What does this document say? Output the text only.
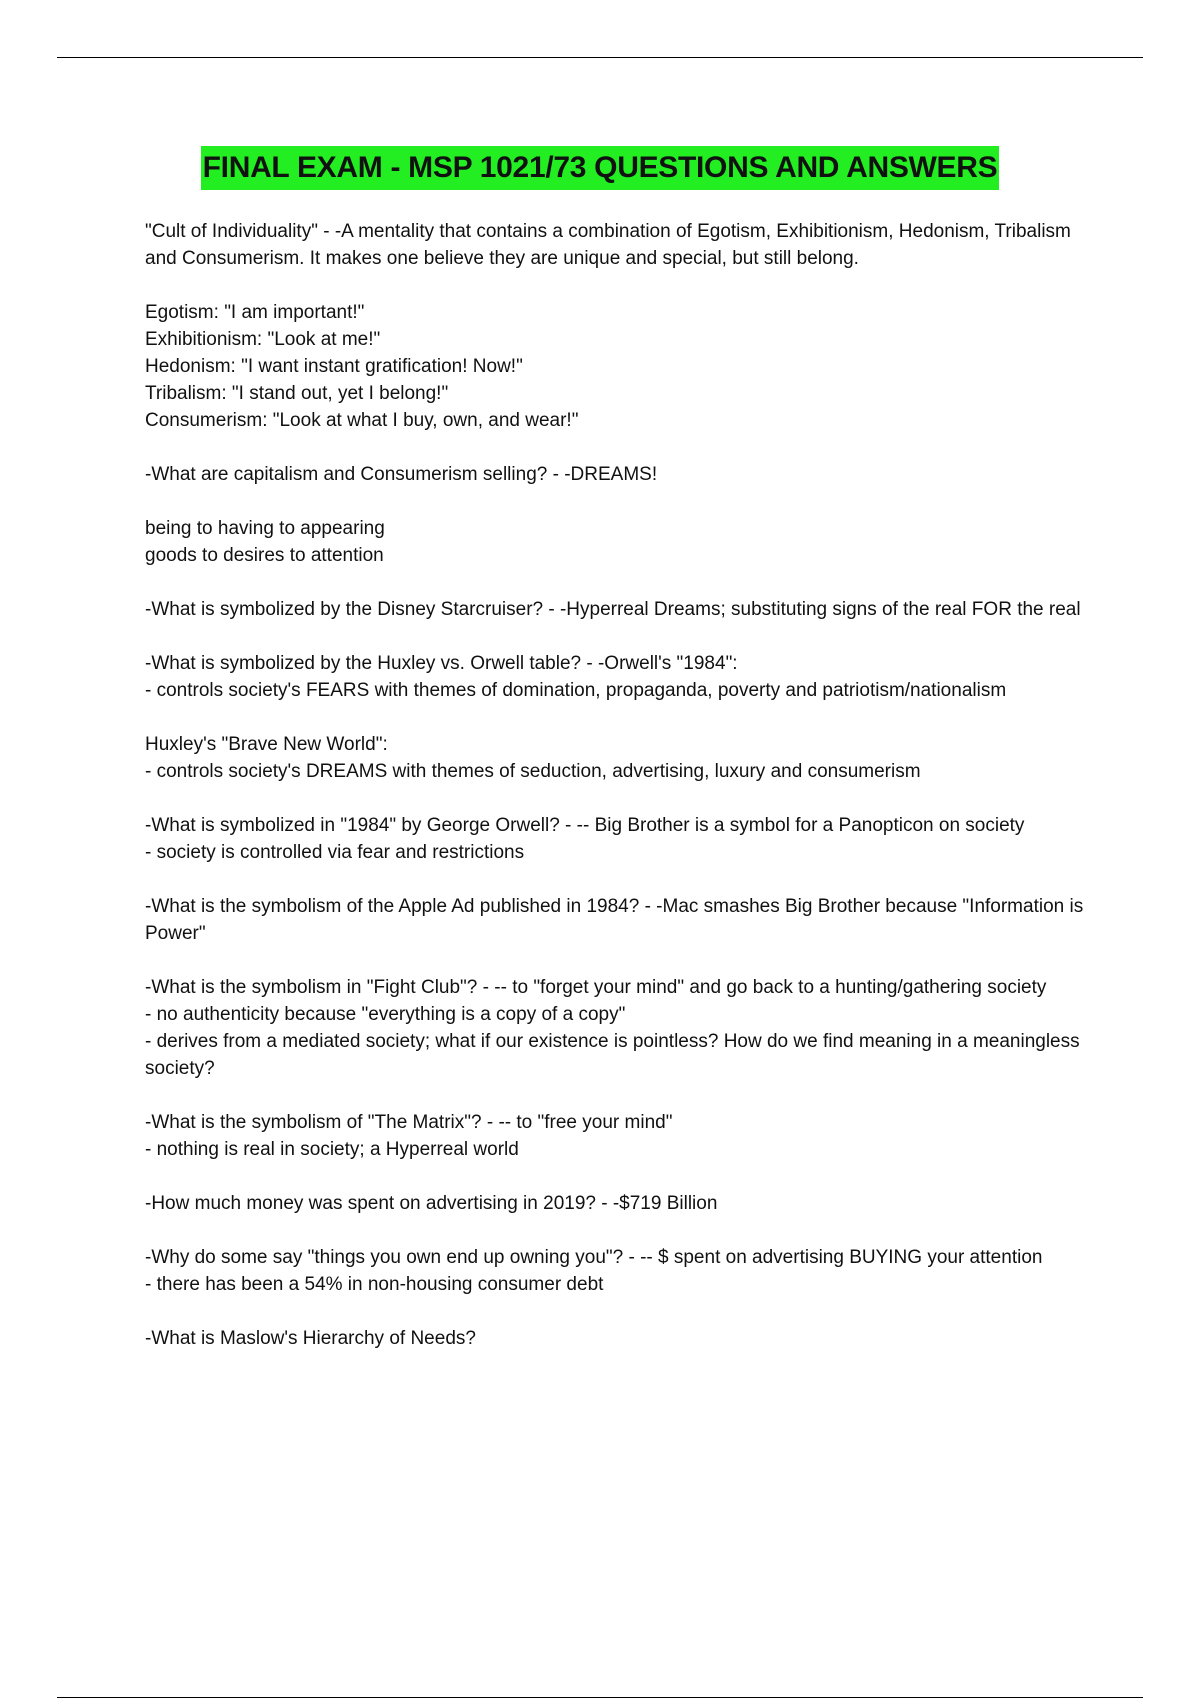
FINAL EXAM - MSP 1021/73 QUESTIONS AND ANSWERS
"Cult of Individuality" - -A mentality that contains a combination of Egotism, Exhibitionism, Hedonism, Tribalism and Consumerism. It makes one believe they are unique and special, but still belong.
Egotism: "I am important!"
Exhibitionism: "Look at me!"
Hedonism: "I want instant gratification! Now!"
Tribalism: "I stand out, yet I belong!"
Consumerism: "Look at what I buy, own, and wear!"
-What are capitalism and Consumerism selling? - -DREAMS!
being to having to appearing
goods to desires to attention
-What is symbolized by the Disney Starcruiser? - -Hyperreal Dreams; substituting signs of the real FOR the real
-What is symbolized by the Huxley vs. Orwell table? - -Orwell's "1984":
- controls society's FEARS with themes of domination, propaganda, poverty and patriotism/nationalism
Huxley's "Brave New World":
- controls society's DREAMS with themes of seduction, advertising, luxury and consumerism
-What is symbolized in "1984" by George Orwell? - -- Big Brother is a symbol for a Panopticon on society
- society is controlled via fear and restrictions
-What is the symbolism of the Apple Ad published in 1984? - -Mac smashes Big Brother because "Information is Power"
-What is the symbolism in "Fight Club"? - -- to "forget your mind" and go back to a hunting/gathering society
- no authenticity because "everything is a copy of a copy"
- derives from a mediated society; what if our existence is pointless? How do we find meaning in a meaningless society?
-What is the symbolism of "The Matrix"? - -- to "free your mind"
- nothing is real in society; a Hyperreal world
-How much money was spent on advertising in 2019? - -$719 Billion
-Why do some say "things you own end up owning you"? - -- $ spent on advertising BUYING your attention
- there has been a 54% in non-housing consumer debt
-What is Maslow's Hierarchy of Needs?
